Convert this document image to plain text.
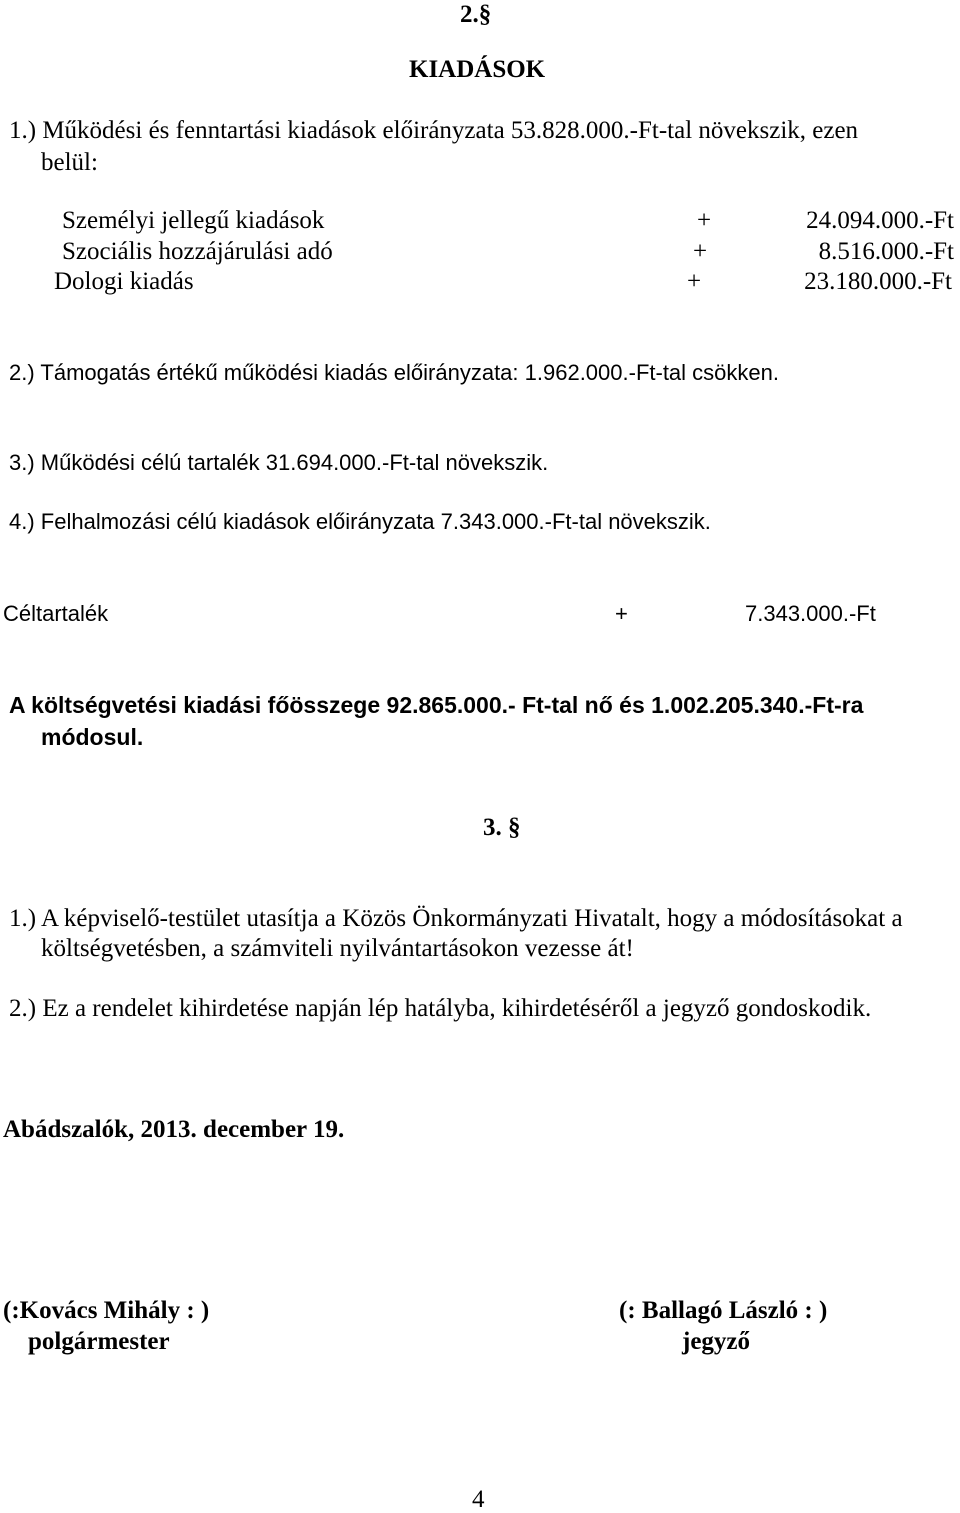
2.§
KIADÁSOK
1.) Működési és fenntartási kiadások előirányzata 53.828.000.-Ft-tal növekszik, ezen
belül:
Személyi jellegű kiadások	+	24.094.000.-Ft
Szociális hozzájárulási adó	+	8.516.000.-Ft
Dologi kiadás	+	23.180.000.-Ft
2.) Támogatás értékű működési kiadás előirányzata: 1.962.000.-Ft-tal csökken.
3.) Működési célú tartalék 31.694.000.-Ft-tal növekszik.
4.) Felhalmozási célú kiadások előirányzata 7.343.000.-Ft-tal növekszik.
Céltartalék	+	7.343.000.-Ft
A költségvetési kiadási főösszege 92.865.000.- Ft-tal nő és 1.002.205.340.-Ft-ra
módosul.
3. §
1.) A képviselő-testület utasítja a Közös Önkormányzati Hivatalt, hogy a módosításokat a
költségvetésben, a számviteli nyilvántartásokon vezesse át!
2.) Ez a rendelet kihirdetése napján lép hatályba, kihirdetéséről a jegyző gondoskodik.
Abádszalók, 2013. december 19.
(:Kovács Mihály : )
polgármester
(: Ballagó László : )
jegyző
4
